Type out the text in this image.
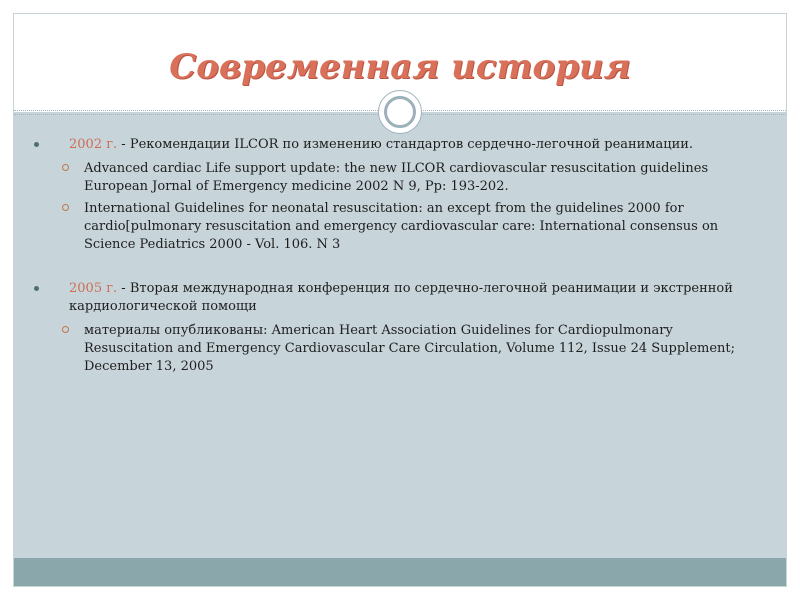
Современная история
2002 г. - Рекомендации ILCOR по изменению стандартов сердечно-легочной реанимации.
Advanced cardiac Life support update: the new ILCOR cardiovascular resuscitation guidelines European Jornal of Emergency medicine 2002 N 9, Pp: 193-202.
International Guidelines for neonatal resuscitation: an except from the guidelines 2000 for cardio[pulmonary resuscitation and emergency cardiovascular care: International consensus on Science Pediatrics 2000 - Vol. 106. N 3
2005 г. - Вторая международная конференция по сердечно-легочной реанимации и экстренной кардиологической помощи
материалы опубликованы: American Heart Association Guidelines for Cardiopulmonary Resuscitation and Emergency Cardiovascular Care Circulation, Volume 112, Issue 24 Supplement; December 13, 2005
